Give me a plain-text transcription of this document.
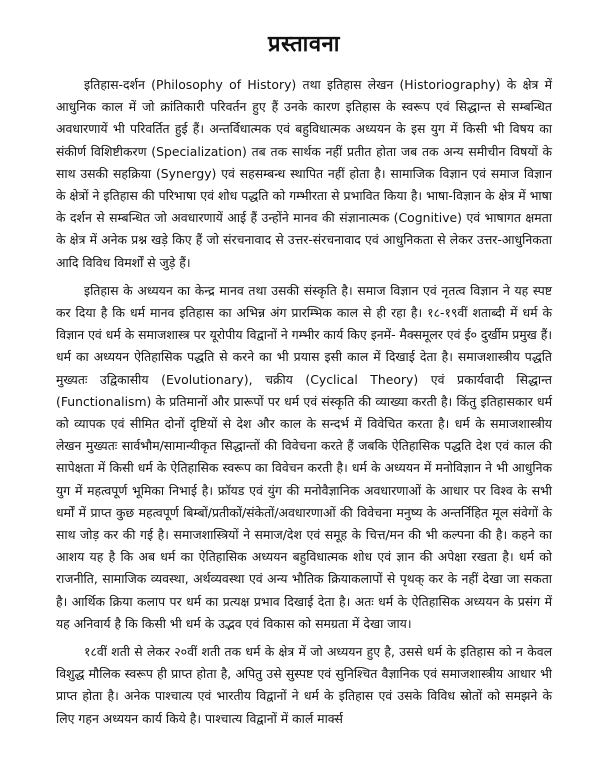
प्रस्तावना

इतिहास-दर्शन (Philosophy of History) तथा इतिहास लेखन (Historiography) के क्षेत्र में आधुनिक काल में जो क्रांतिकारी परिवर्तन हुए हैं उनके कारण इतिहास के स्वरूप एवं सिद्धान्त से सम्बन्धित अवधारणायें भी परिवर्तित हुई हैं। अन्तर्विधात्मक एवं बहुविधात्मक अध्ययन के इस युग में किसी भी विषय का संकीर्ण विशिष्टीकरण (Specialization) तब तक सार्थक नहीं प्रतीत होता जब तक अन्य समीचीन विषयों के साथ उसकी सहक्रिया (Synergy) एवं सहसम्बन्ध स्थापित नहीं होता है। सामाजिक विज्ञान एवं समाज विज्ञान के क्षेत्रों ने इतिहास की परिभाषा एवं शोध पद्धति को गम्भीरता से प्रभावित किया है। भाषा-विज्ञान के क्षेत्र में भाषा के दर्शन से सम्बन्धित जो अवधारणायें आई हैं उन्होंने मानव की संज्ञानात्मक (Cognitive) एवं भाषागत क्षमता के क्षेत्र में अनेक प्रश्न खड़े किए हैं जो संरचनावाद से उत्तर-संरचनावाद एवं आधुनिकता से लेकर उत्तर-आधुनिकता आदि विविध विमर्शों से जुड़े हैं।

इतिहास के अध्ययन का केन्द्र मानव तथा उसकी संस्कृति है। समाज विज्ञान एवं नृतत्व विज्ञान ने यह स्पष्ट कर दिया है कि धर्म मानव इतिहास का अभिन्न अंग प्रारम्भिक काल से ही रहा है। १८-१९वीं शताब्दी में धर्म के विज्ञान एवं धर्म के समाजशास्त्र पर यूरोपीय विद्वानों ने गम्भीर कार्य किए इनमें- मैक्समूलर एवं ई० दुर्खीम प्रमुख हैं। धर्म का अध्ययन ऐतिहासिक पद्धति से करने का भी प्रयास इसी काल में दिखाई देता है। समाजशास्त्रीय पद्धति मुख्यतः उद्विकासीय (Evolutionary), चक्रीय (Cyclical Theory) एवं प्रकार्यवादी सिद्धान्त (Functionalism) के प्रतिमानों और प्रारूपों पर धर्म एवं संस्कृति की व्याख्या करती है। किंतु इतिहासकार धर्म को व्यापक एवं सीमित दोनों दृष्टियों से देश और काल के सन्दर्भ में विवेचित करता है। धर्म के समाजशास्त्रीय लेखन मुख्यतः सार्वभौम/सामान्यीकृत सिद्धान्तों की विवेचना करते हैं जबकि ऐतिहासिक पद्धति देश एवं काल की सापेक्षता में किसी धर्म के ऐतिहासिक स्वरूप का विवेचन करती है। धर्म के अध्ययन में मनोविज्ञान ने भी आधुनिक युग में महत्वपूर्ण भूमिका निभाई है। फ्रॉयड एवं युंग की मनोवैज्ञानिक अवधारणाओं के आधार पर विश्व के सभी धर्मों में प्राप्त कुछ महत्वपूर्ण बिम्बों/प्रतीकों/संकेतों/अवधारणाओं की विवेचना मनुष्य के अन्तर्निहित मूल संवेगों के साथ जोड़ कर की गई है। समाजशास्त्रियों ने समाज/देश एवं समूह के चित्त/मन की भी कल्पना की है। कहने का आशय यह है कि अब धर्म का ऐतिहासिक अध्ययन बहुविधात्मक शोध एवं ज्ञान की अपेक्षा रखता है। धर्म को राजनीति, सामाजिक व्यवस्था, अर्थव्यवस्था एवं अन्य भौतिक क्रियाकलापों से पृथक् कर के नहीं देखा जा सकता है। आर्थिक क्रिया कलाप पर धर्म का प्रत्यक्ष प्रभाव दिखाई देता है। अतः धर्म के ऐतिहासिक अध्ययन के प्रसंग में यह अनिवार्य है कि किसी भी धर्म के उद्भव एवं विकास को समग्रता में देखा जाय।

१८वीं शती से लेकर २०वीं शती तक धर्म के क्षेत्र में जो अध्ययन हुए है, उससे धर्म के इतिहास को न केवल विशुद्ध मौलिक स्वरूप ही प्राप्त होता है, अपितु उसे सुस्पष्ट एवं सुनिश्चित वैज्ञानिक एवं समाजशास्त्रीय आधार भी प्राप्त होता है। अनेक पाश्चात्य एवं भारतीय विद्वानों ने धर्म के इतिहास एवं उसके विविध स्रोतों को समझने के लिए गहन अध्ययन कार्य किये है। पाश्चात्य विद्वानों में कार्ल मार्क्स
